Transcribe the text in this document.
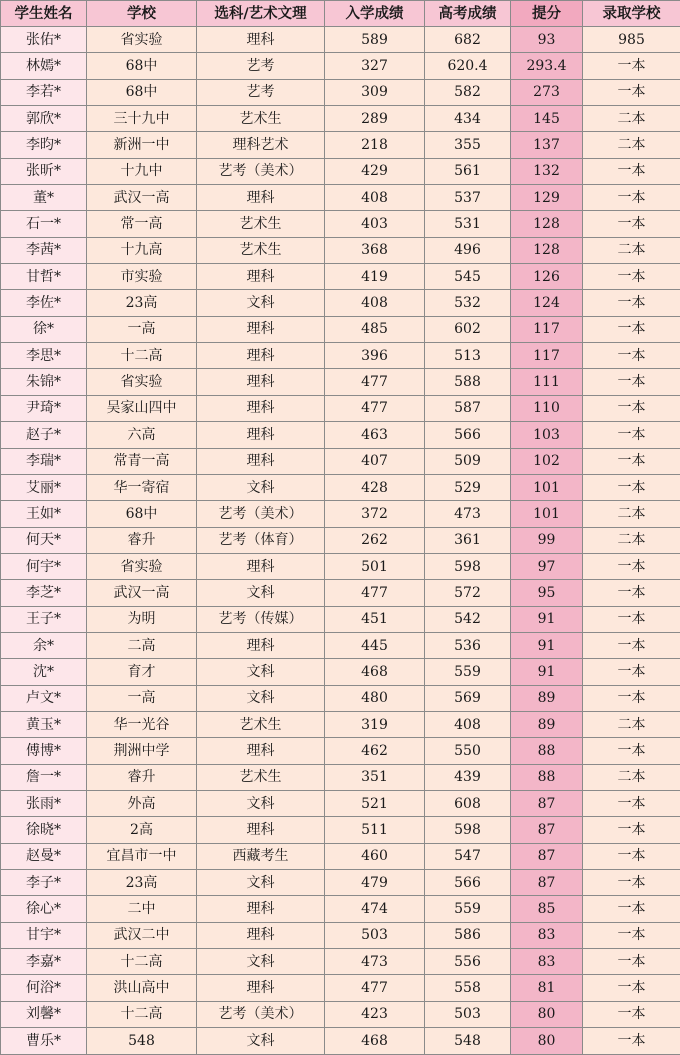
学生姓名	学校	选科/艺术文理	入学成绩	高考成绩	提分	录取学校
张佑*	省实验	理科	589	682	93	985
林嫣*	68中	艺考	327	620.4	293.4	一本
李若*	68中	艺考	309	582	273	一本
郭欣*	三十九中	艺术生	289	434	145	二本
李昀*	新洲一中	理科艺术	218	355	137	二本
张昕*	十九中	艺考（美术）	429	561	132	一本
董*	武汉一高	理科	408	537	129	一本
石一*	常一高	艺术生	403	531	128	一本
李茜*	十九高	艺术生	368	496	128	二本
甘哲*	市实验	理科	419	545	126	一本
李佐*	23高	文科	408	532	124	一本
徐*	一高	理科	485	602	117	一本
李思*	十二高	理科	396	513	117	一本
朱锦*	省实验	理科	477	588	111	一本
尹琦*	吴家山四中	理科	477	587	110	一本
赵子*	六高	理科	463	566	103	一本
李瑞*	常青一高	理科	407	509	102	一本
艾丽*	华一寄宿	文科	428	529	101	一本
王如*	68中	艺考（美术）	372	473	101	二本
何天*	睿升	艺考（体育）	262	361	99	二本
何宇*	省实验	理科	501	598	97	一本
李芝*	武汉一高	文科	477	572	95	一本
王子*	为明	艺考（传媒）	451	542	91	一本
余*	二高	理科	445	536	91	一本
沈*	育才	文科	468	559	91	一本
卢文*	一高	文科	480	569	89	一本
黄玉*	华一光谷	艺术生	319	408	89	二本
傅博*	荆洲中学	理科	462	550	88	一本
詹一*	睿升	艺术生	351	439	88	二本
张雨*	外高	文科	521	608	87	一本
徐晓*	2高	理科	511	598	87	一本
赵曼*	宜昌市一中	西藏考生	460	547	87	一本
李子*	23高	文科	479	566	87	一本
徐心*	二中	理科	474	559	85	一本
甘宇*	武汉二中	理科	503	586	83	一本
李嘉*	十二高	文科	473	556	83	一本
何浴*	洪山高中	理科	477	558	81	一本
刘馨*	十二高	艺考（美术）	423	503	80	一本
曹乐*	548	文科	468	548	80	一本
